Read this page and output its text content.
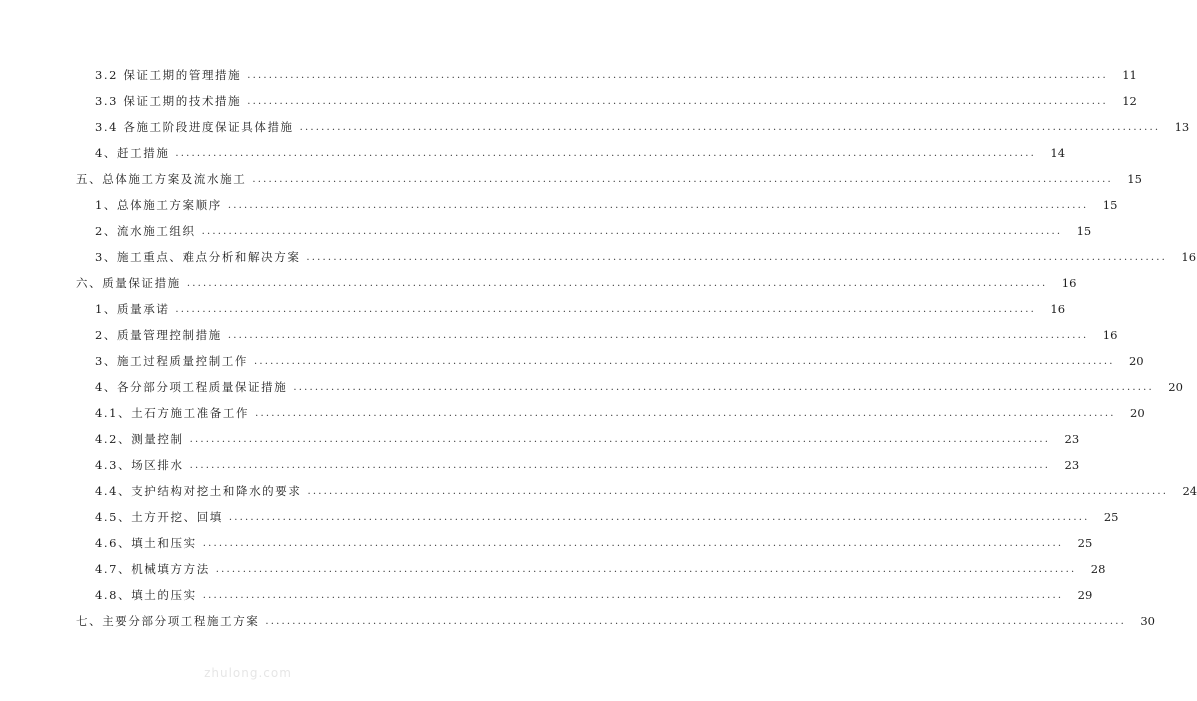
3.2 保证工期的管理措施 ................................................................................................................................................................	11
3.3 保证工期的技术措施 ................................................................................................................................................................	12
3.4 各施工阶段进度保证具体措施 ................................................................................................................................................................	13
4、赶工措施 ................................................................................................................................................................	14
五、总体施工方案及流水施工 ................................................................................................................................................................	15
1、总体施工方案顺序 ................................................................................................................................................................	15
2、流水施工组织 ................................................................................................................................................................	15
3、施工重点、难点分析和解决方案 ................................................................................................................................................................	16
六、质量保证措施 ................................................................................................................................................................	16
1、质量承诺 ................................................................................................................................................................	16
2、质量管理控制措施 ................................................................................................................................................................	16
3、施工过程质量控制工作 ................................................................................................................................................................	20
4、各分部分项工程质量保证措施 ................................................................................................................................................................	20
4.1、土石方施工准备工作 ................................................................................................................................................................	20
4.2、测量控制 ................................................................................................................................................................	23
4.3、场区排水 ................................................................................................................................................................	23
4.4、支护结构对挖土和降水的要求 ................................................................................................................................................................	24
4.5、土方开挖、回填 ................................................................................................................................................................	25
4.6、填土和压实 ................................................................................................................................................................	25
4.7、机械填方方法 ................................................................................................................................................................	28
4.8、填土的压实 ................................................................................................................................................................	29
七、主要分部分项工程施工方案 ................................................................................................................................................................	30
zhulong.com
